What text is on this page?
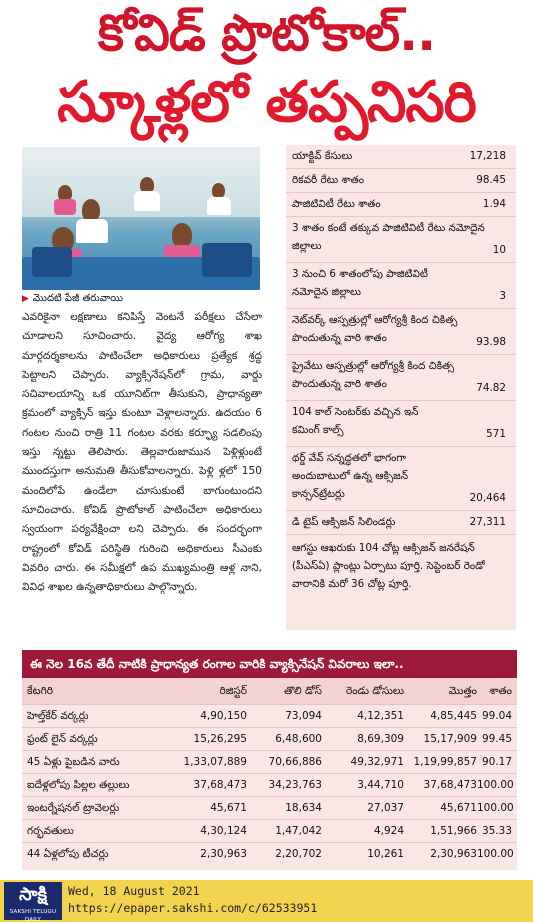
కోవిడ్ ప్రొటోకాల్..
స్కూళ్లలో తప్పనిసరి
▶ మొదటి పేజీ తరువాయి

ఎవరికైనా లక్షణాలు కనిపిస్తే వెంటనే పరీక్షలు చేసేలా చూడాలని సూచించారు. వైద్య ఆరోగ్య శాఖ మార్గదర్శకాలను పాటించేలా అధికారులు ప్రత్యేక శ్రద్ధ పెట్టాలని చెప్పారు. వ్యాక్సినేషన్‌లో గ్రామ, వార్డు సచివాలయాన్ని ఒక యూనిట్‌గా తీసుకుని, ప్రాధాన్యతా క్రమంలో వ్యాక్సిన్ ఇస్తు కుంటూ వెళ్లాలన్నారు. ఉదయం 6 గంటల నుంచి రాత్రి 11 గంటల వరకు కర్ఫ్యూ సడలింపు ఇస్తు న్నట్టు తెలిపారు. తెల్లవారుజామున పెళ్లిళ్లుంటే ముందస్తుగా అనుమతి తీసుకోవాలన్నారు. పెళ్లి ళ్లలో 150 మందిలోపే ఉండేలా చూసుకుంటే బాగుంటుందని సూచించారు. కోవిడ్ ప్రొటోకాల్ పాటించేలా అధికారులు స్వయంగా పర్యవేక్షించా లని చెప్పారు. ఈ సందర్భంగా రాష్ట్రంలో కోవిడ్ పరిస్థితి గురించి అధికారులు సీఎంకు వివరిం చారు. ఈ సమీక్షలో ఉప ముఖ్యమంత్రి ఆళ్ల నాని, వివిధ శాఖల ఉన్నతాధికారులు పాల్గొన్నారు.

యాక్టివ్ కేసులు	17,218
రికవరీ రేటు శాతం	98.45
పాజిటివిటీ రేటు శాతం	1.94
3 శాతం కంటే తక్కువ పాజిటివిటీ రేటు నమోదైన జిల్లాలు	10
3 నుంచి 6 శాతంలోపు పాజిటివిటీ నమోదైన జిల్లాలు	3
నెట్‌వర్క్ ఆస్పత్రుల్లో ఆరోగ్యశ్రీ కింద చికిత్స పొందుతున్న వారి శాతం	93.98
ప్రైవేటు ఆస్పత్రుల్లో ఆరోగ్యశ్రీ కింద చికిత్స పొందుతున్న వారి శాతం	74.82
104 కాల్ సెంటర్‌కు వచ్చిన ఇన్ కమింగ్ కాల్స్	571
థర్డ్ వేవ్ సన్నద్ధతలో భాగంగా అందుబాటులో ఉన్న ఆక్సిజన్ కాన్సన్‌ట్రేటర్లు	20,464
డి టైప్ ఆక్సిజన్ సిలిండర్లు	27,311
ఆగస్టు ఆఖరుకు 104 చోట్ల ఆక్సిజన్ జనరేషన్ (పీఎస్ఏ) ప్లాంట్లు ఏర్పాటు పూర్తి. సెప్టెంబర్ రెండో వారానికి మరో 36 చోట్ల పూర్తి.
ఈ నెల 16వ తేదీ నాటికి ప్రాధాన్యత రంగాల వారికి వ్యాక్సినేషన్ వివరాలు ఇలా..
కేటగిరి	రిజిస్టర్	తొలి డోస్	రెండు డోసులు	మొత్తం	శాతం
హెల్త్‌కేర్ వర్కర్లు	4,90,150	73,094	4,12,351	4,85,445 99.04
ఫ్రంట్ లైన్ వర్కర్లు	15,26,295	6,48,600	8,69,309	15,17,909 99.45
45 ఏళ్లు పైబడిన వారు	1,33,07,889	70,66,886	49,32,971 1,19,99,857 90.17
ఐదేళ్లలోపు పిల్లల తల్లులు	37,68,473	34,23,763	3,44,710	37,68,473 100.00
ఇంటర్నేషనల్ ట్రావెలర్లు	45,671	18,634	27,037	45,671 100.00
గర్భవతులు	4,30,124	1,47,042	4,924	1,51,966 35.33
44 ఏళ్లలోపు టీచర్లు	2,30,963	2,20,702	10,261	2,30,963 100.00
సాక్షి
SAKSHI TELUGU DAILY
Wed, 18 August 2021
https://epaper.sakshi.com/c/62533951
